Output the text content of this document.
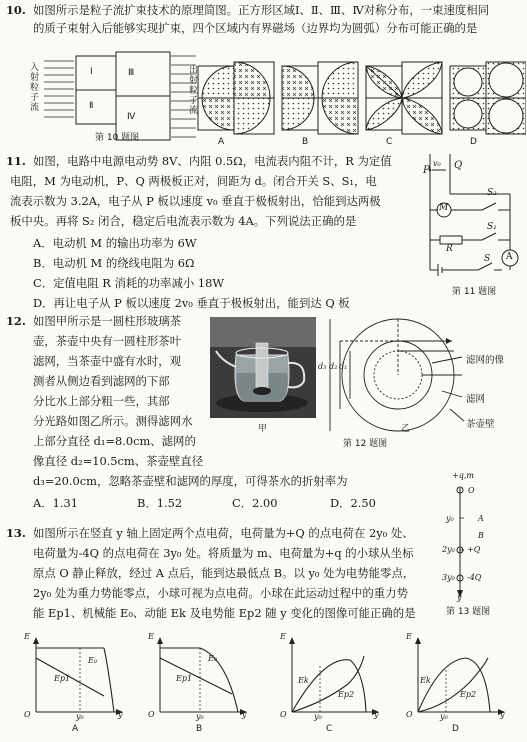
10. 如图所示是粒子流扩束技术的原理简图。正方形区域Ⅰ、Ⅱ、Ⅲ、Ⅳ对称分布，一束速度相同
的质子束射入后能够实现扩束，四个区域内有界磁场（边界均为圆弧）分布可能正确的是
入射粒子流
出射粒子流
Ⅰ	Ⅲ
Ⅱ
Ⅳ
第 10 题图	A	B	C	D
11. 如图，电路中电源电动势 8V、内阻 0.5Ω，电流表内阻不计，R 为定值
电阻，M 为电动机，P、Q 两极板正对，间距为 d。闭合开关 S、S₁，电
流表示数为 3.2A，电子从 P 板以速度 v₀ 垂直于极板射出，恰能到达两极
板中央。再将 S₂ 闭合，稳定后电流表示数为 4A。下列说法正确的是
A．电动机 M 的输出功率为 6W
B．电动机 M 的绕线电阻为 6Ω
C．定值电阻 R 消耗的功率减小 18W
D．再让电子从 P 板以速度 2v₀ 垂直于极板射出，能到达 Q 板
P Q
v₀
M
S₂
S₁
R
S A
第 11 题图
12. 如图甲所示是一圆柱形玻璃茶
壶，茶壶中央有一圆柱形茶叶
滤网，当茶壶中盛有水时，观
测者从侧边看到滤网的下部
分比水上部分粗一些，其部
分光路如图乙所示。测得滤网水
上部分直径 d₁=8.0cm、滤网的
像直径 d₂=10.5cm、茶壶壁直径
d₃=20.0cm，忽略茶壶壁和滤网的厚度，可得茶水的折射率为
A．1.31	B．1.52	C．2.00	D．2.50
甲
滤网的像
滤网
茶壶壁
d₃ d₂ d₁
乙
第 12 题图
13. 如图所示在竖直 y 轴上固定两个点电荷，电荷量为+Q 的点电荷在 2y₀ 处、
电荷量为-4Q 的点电荷在 3y₀ 处。将质量为 m、电荷量为+q 的小球从坐标
原点 O 静止释放，经过 A 点后，能到达最低点 B。以 y₀ 处为电势能零点，
2y₀ 处为重力势能零点，小球可视为点电荷。小球在此运动过程中的重力势
能 Ep1、机械能 E₀、动能 Ek 及电势能 Ep2 随 y 变化的图像可能正确的是
+q,m
O
y₀	A
B
2y₀ +Q
3y₀ -4Q
y
第 13 题图
E
O	y₀	y
E₀
Ep1
A
E
O	y₀	y
E₀
Ep1
B
E
O	y₀	y
Ek
Ep2
C
E
O	y₀	y
Ek
Ep2
D
